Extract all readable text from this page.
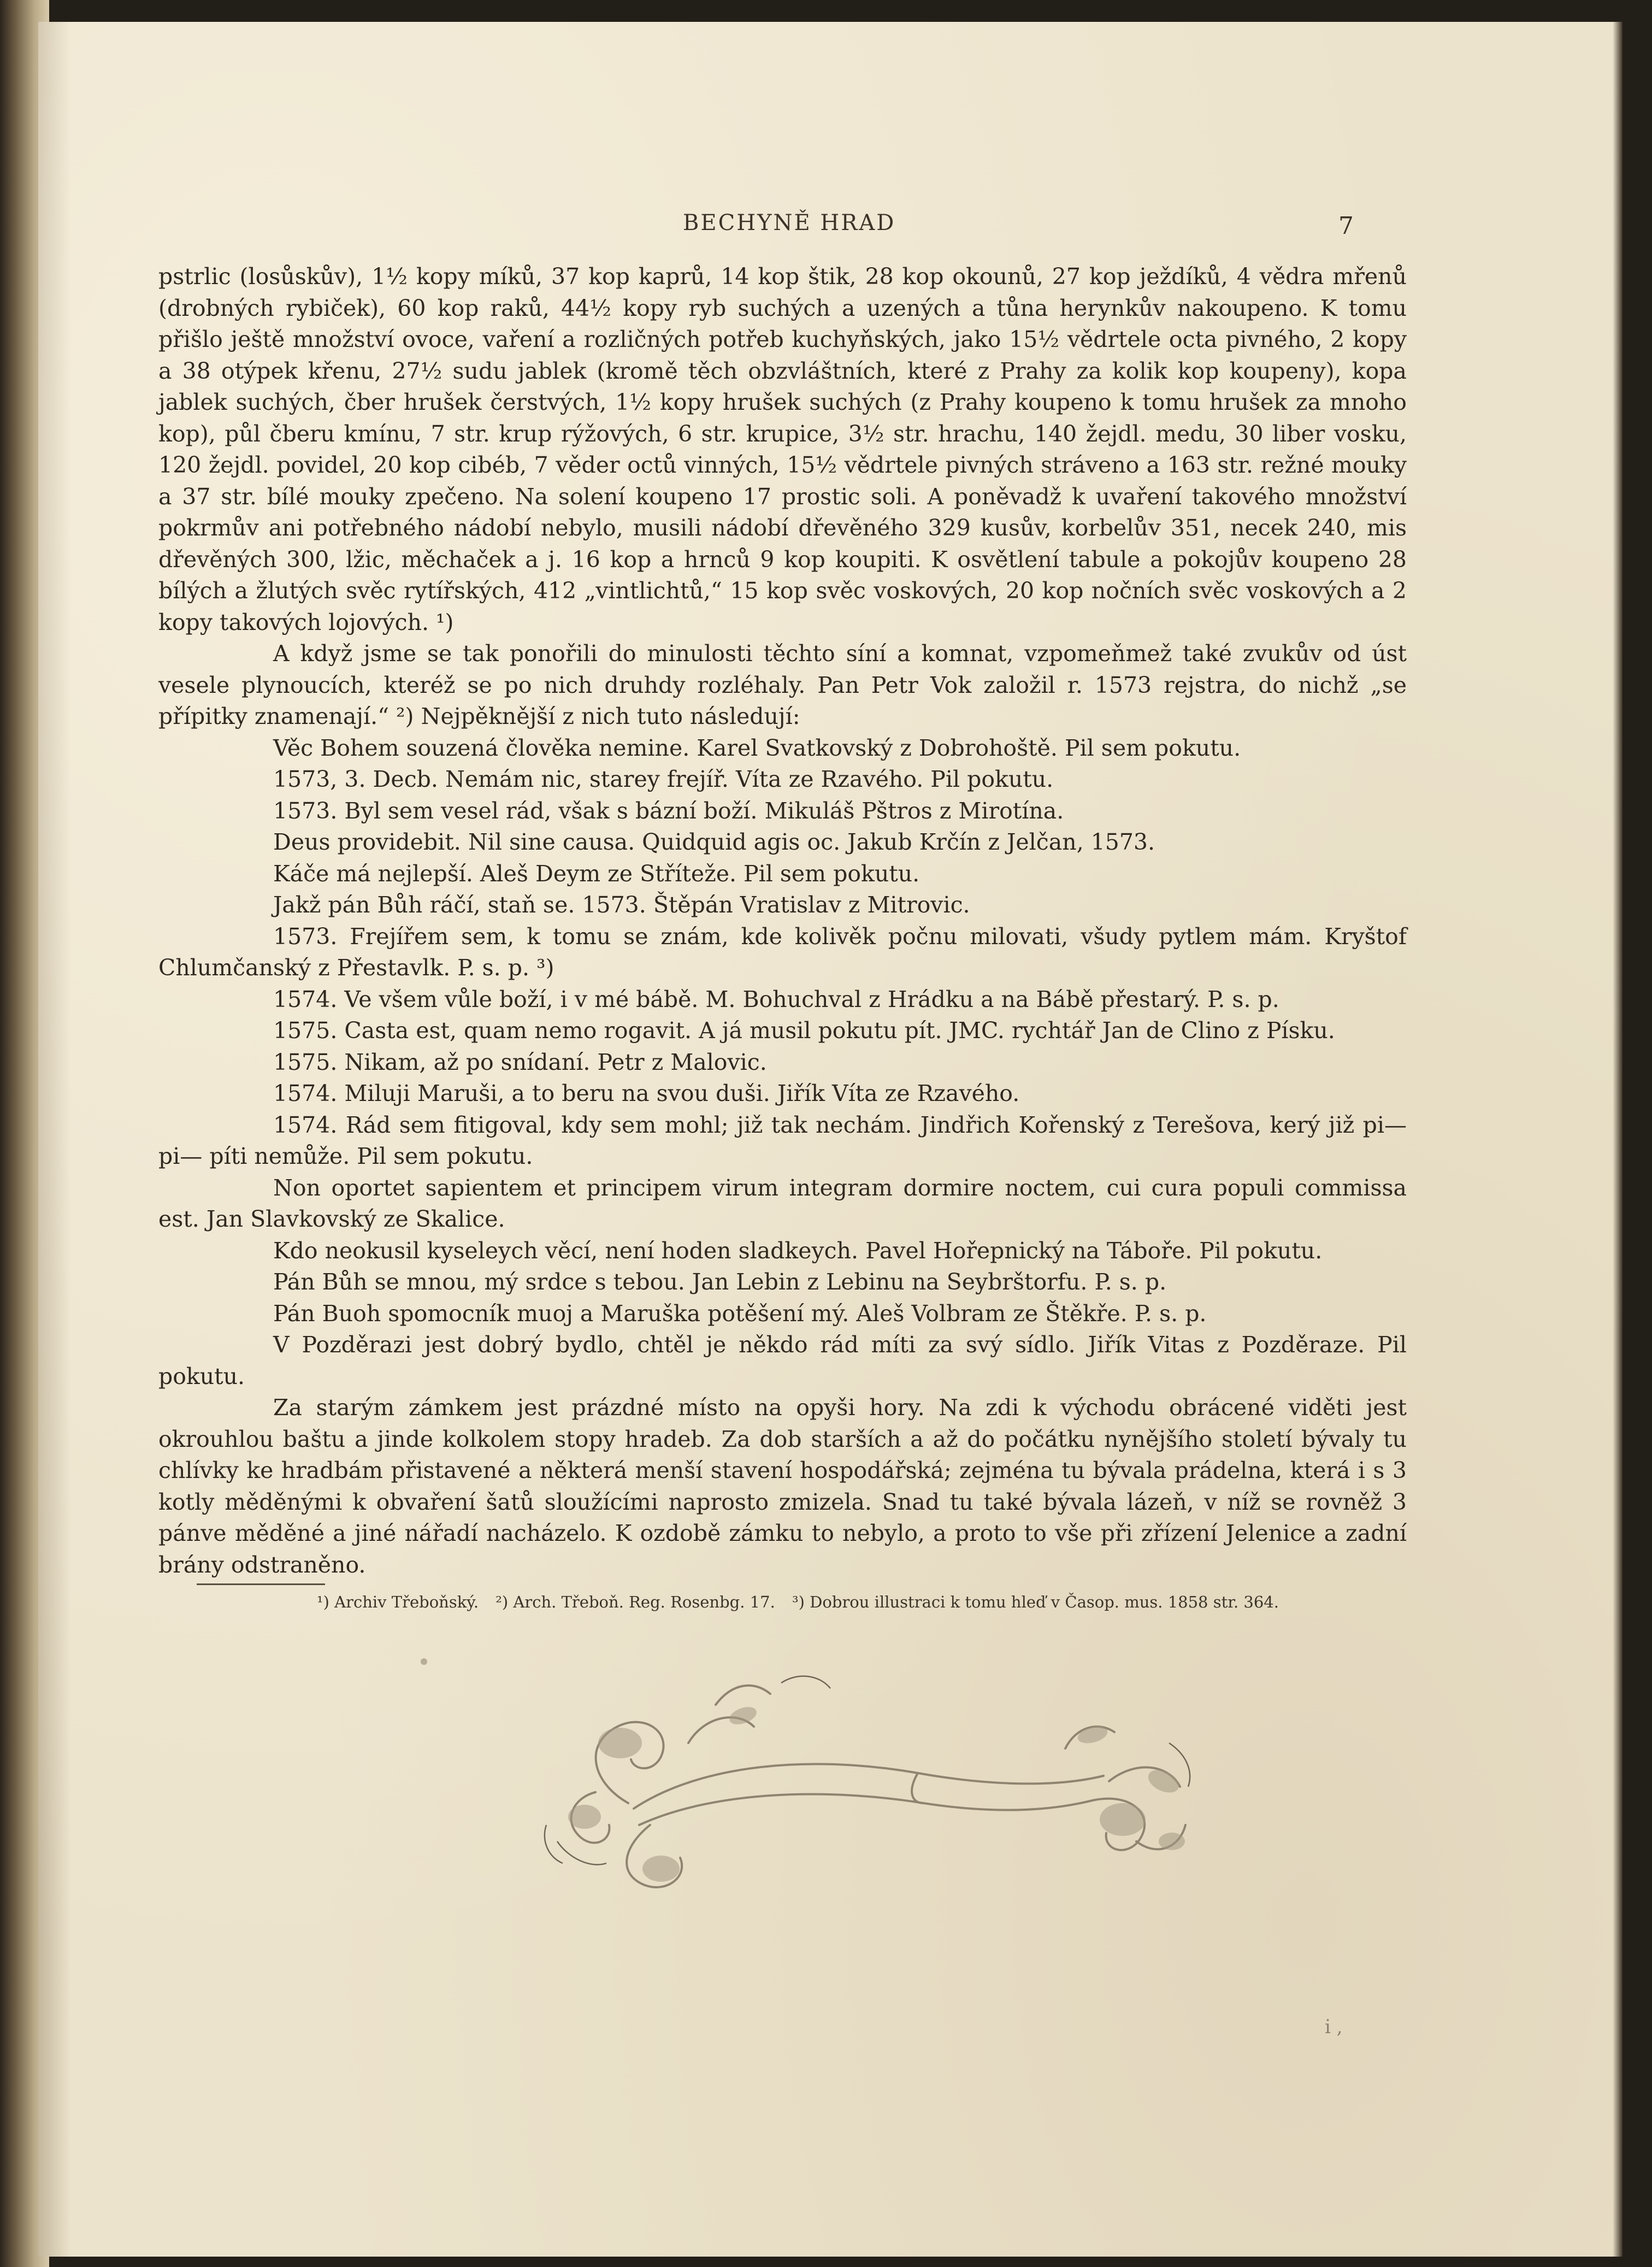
BECHYNĚ HRAD	7

pstrlic (losůskův), 1½ kopy míků, 37 kop kaprů, 14 kop štik, 28 kop okounů, 27 kop ježdíků, 4 vědra mřenů (drobných rybiček), 60 kop raků, 44½ kopy ryb suchých a uzených a tůna herynkův nakoupeno. K tomu přišlo ještě množství ovoce, vaření a rozličných potřeb kuchyňských, jako 15½ vědrtele octa pivného, 2 kopy a 38 otýpek křenu, 27½ sudu jablek (kromě těch obzvláštních, které z Prahy za kolik kop koupeny), kopa jablek suchých, čber hrušek čerstvých, 1½ kopy hrušek suchých (z Prahy koupeno k tomu hrušek za mnoho kop), půl čberu kmínu, 7 str. krup rýžových, 6 str. krupice, 3½ str. hrachu, 140 žejdl. medu, 30 liber vosku, 120 žejdl. povidel, 20 kop cibéb, 7 věder octů vinných, 15½ vědrtele pivných stráveno a 163 str. režné mouky a 37 str. bílé mouky zpečeno. Na solení koupeno 17 prostic soli. A poněvadž k uvaření takového množství pokrmův ani potřebného nádobí nebylo, musili nádobí dřevěného 329 kusův, korbelův 351, necek 240, mis dřevěných 300, lžic, měchaček a j. 16 kop a hrnců 9 kop koupiti. K osvětlení tabule a pokojův koupeno 28 bílých a žlutých svěc rytířských, 412 „vintlichtů,“ 15 kop svěc voskových, 20 kop nočních svěc voskových a 2 kopy takových lojových. ¹)

A když jsme se tak ponořili do minulosti těchto síní a komnat, vzpomeňmež také zvukův od úst vesele plynoucích, kteréž se po nich druhdy rozléhaly. Pan Petr Vok založil r. 1573 rejstra, do nichž „se přípitky znamenají.“ ²) Nejpěknější z nich tuto následují:

Věc Bohem souzená člověka nemine. Karel Svatkovský z Dobrohoště. Pil sem pokutu.

1573, 3. Decb. Nemám nic, starey frejíř. Víta ze Rzavého. Pil pokutu.

1573. Byl sem vesel rád, však s bázní boží. Mikuláš Pštros z Mirotína.

Deus providebit. Nil sine causa. Quidquid agis oc. Jakub Krčín z Jelčan, 1573.

Káče má nejlepší. Aleš Deym ze Stříteže. Pil sem pokutu.

Jakž pán Bůh ráčí, staň se. 1573. Štěpán Vratislav z Mitrovic.

1573. Frejířem sem, k tomu se znám, kde kolivěk počnu milovati, všudy pytlem mám. Kryštof Chlumčanský z Přestavlk. P. s. p. ³)

1574. Ve všem vůle boží, i v mé bábě. M. Bohuchval z Hrádku a na Bábě přestarý. P. s. p.

1575. Casta est, quam nemo rogavit. A já musil pokutu pít. JMC. rychtář Jan de Clino z Písku.

1575. Nikam, až po snídaní. Petr z Malovic.

1574. Miluji Maruši, a to beru na svou duši. Jiřík Víta ze Rzavého.

1574. Rád sem fitigoval, kdy sem mohl; již tak nechám. Jindřich Kořenský z Terešova, kerý již pi— pi— píti nemůže. Pil sem pokutu.

Non oportet sapientem et principem virum integram dormire noctem, cui cura populi commissa est. Jan Slavkovský ze Skalice.

Kdo neokusil kyseleych věcí, není hoden sladkeych. Pavel Hořepnický na Táboře. Pil pokutu.

Pán Bůh se mnou, mý srdce s tebou. Jan Lebin z Lebinu na Seybrštorfu. P. s. p.

Pán Buoh spomocník muoj a Maruška potěšení mý. Aleš Volbram ze Štěkře. P. s. p.

V Pozděrazi jest dobrý bydlo, chtěl je někdo rád míti za svý sídlo. Jiřík Vitas z Pozděraze. Pil pokutu.

Za starým zámkem jest prázdné místo na opyši hory. Na zdi k východu obrácené viděti jest okrouhlou baštu a jinde kolkolem stopy hradeb. Za dob starších a až do počátku nynějšího století bývaly tu chlívky ke hradbám přistavené a některá menší stavení hospodářská; zejména tu bývala prádelna, která i s 3 kotly měděnými k obvaření šatů sloužícími naprosto zmizela. Snad tu také bývala lázeň, v níž se rovněž 3 pánve měděné a jiné nářadí nacházelo. K ozdobě zámku to nebylo, a proto to vše při zřízení Jelenice a zadní brány odstraněno.

¹) Archiv Třeboňský. ²) Arch. Třeboň. Reg. Rosenbg. 17. ³) Dobrou illustraci k tomu hleď v Časop. mus. 1858 str. 364.
і̇ ,
